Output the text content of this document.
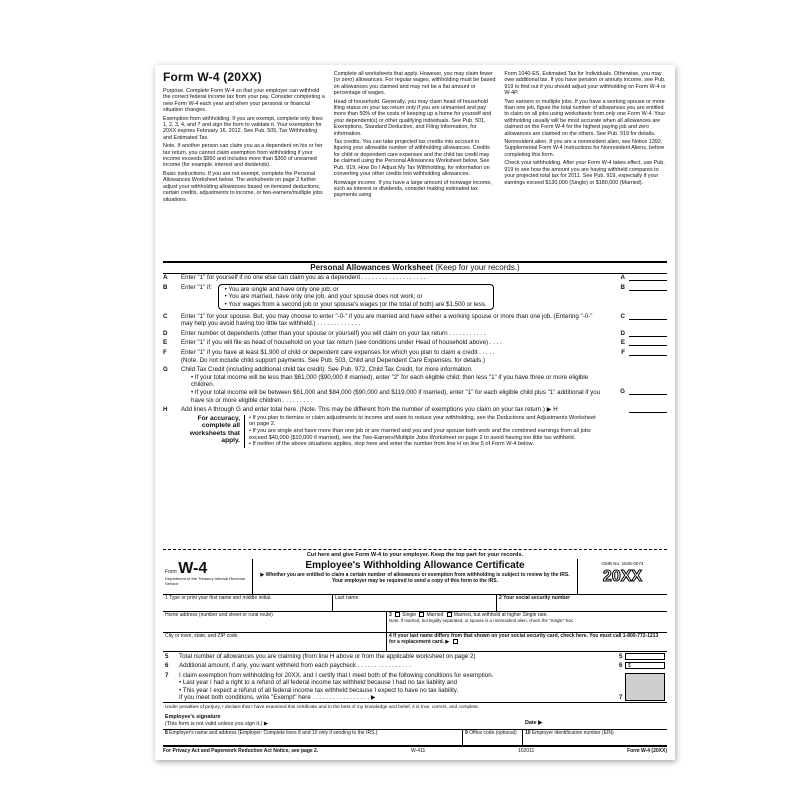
Form W-4 (20XX)

Purpose. Complete Form W-4 so that your employer can withhold the correct federal income tax from your pay. Consider completing a new Form W-4 each year and when your personal or financial situation changes.

Exemption from withholding. If you are exempt, complete only lines 1, 2, 3, 4, and 7 and sign the form to validate it. Your exemption for 20XX expires February 16, 2012. See Pub. 505, Tax Withholding and Estimated Tax.

Note. If another person can claim you as a dependent on his or her tax return, you cannot claim exemption from withholding if your income exceeds $950 and includes more than $300 of unearned income (for example, interest and dividends).

Basic instructions. If you are not exempt, complete the Personal Allowances Worksheet below. The worksheets on page 2 further adjust your withholding allowances based on itemized deductions, certain credits, adjustments to income, or two-earners/multiple jobs situations.

Complete all worksheets that apply. However, you may claim fewer (or zero) allowances. For regular wages, withholding must be based on allowances you claimed and may not be a flat amount or percentage of wages.

Head of household. Generally, you may claim head of household filing status on your tax return only if you are unmarried and pay more than 50% of the costs of keeping up a home for yourself and your dependent(s) or other qualifying individuals. See Pub. 501, Exemptions, Standard Deduction, and Filing Information, for information.

Tax credits. You can take projected tax credits into account in figuring your allowable number of withholding allowances. Credits for child or dependent care expenses and the child tax credit may be claimed using the Personal Allowances Worksheet below. See Pub. 919, How Do I Adjust My Tax Withholding, for information on converting your other credits into withholding allowances.

Nonwage income. If you have a large amount of nonwage income, such as interest or dividends, consider making estimated tax payments using

Form 1040-ES, Estimated Tax for Individuals. Otherwise, you may owe additional tax. If you have pension or annuity income, see Pub. 919 to find out if you should adjust your withholding on Form W-4 or W-4P.

Two earners or multiple jobs. If you have a working spouse or more than one job, figure the total number of allowances you are entitled to claim on all jobs using worksheets from only one Form W-4. Your withholding usually will be most accurate when all allowances are claimed on the Form W-4 for the highest paying job and zero allowances are claimed on the others. See Pub. 919 for details.

Nonresident alien. If you are a nonresident alien, see Notice 1392, Supplemental Form W-4 Instructions for Nonresident Aliens, before completing this form.

Check your withholding. After your Form W-4 takes effect, use Pub. 919 to see how the amount you are having withheld compares to your projected total tax for 2011. See Pub. 919, especially if your earnings exceed $130,000 (Single) or $180,000 (Married).

Personal Allowances Worksheet (Keep for your records.)
A Enter "1" for yourself if no one else can claim you as a dependent . . . . . . . . . . . . . . . . . . .	A
B Enter "1" if: • You are single and have only one job; or
• You are married, have only one job, and your spouse does not work; or
• Your wages from a second job or your spouse's wages (or the total of both) are $1,500 or less.
B
C Enter "1" for your spouse. But, you may choose to enter "-0-" if you are married and have either a working spouse or more than one job. (Entering "-0-" may help you avoid having too little tax withheld.) . . . . . . . . . . . . .
C
D Enter number of dependents (other than your spouse or yourself) you will claim on your tax return . . . . . . . . . . .	D
E Enter "1" if you will file as head of household on your tax return (see conditions under Head of household above) . . . .	E
F Enter "1" if you have at least $1,900 of child or dependent care expenses for which you plan to claim a credit . . . . .
(Note. Do not include child support payments. See Pub. 503, Child and Dependent Care Expenses, for details.)
F
G Child Tax Credit (including additional child tax credit). See Pub. 972, Child Tax Credit, for more information.
• If your total income will be less than $61,000 ($90,000 if married), enter "2" for each eligible child; then less "1" if you have three or more eligible children.
• If your total income will be between $61,000 and $84,000 ($90,000 and $119,000 if married), enter "1" for each eligible child plus "1" additional if you have six or more eligible children . . . . . . . . .
G
H Add lines A through G and enter total here. (Note. This may be different from the number of exemptions you claim on your tax return.) ▶ H
For accuracy, complete all worksheets that apply.
• If you plan to itemize or claim adjustments to income and want to reduce your withholding, see the Deductions and Adjustments Worksheet on page 2.
• If you are single and have more than one job or are married and you and your spouse both work and the combined earnings from all jobs exceed $40,000 ($10,000 if married), see the Two-Earners/Multiple Jobs Worksheet on page 2 to avoid having too little tax withheld.
• If neither of the above situations applies, stop here and enter the number from line H on line 5 of Form W-4 below.
Cut here and give Form W-4 to your employer. Keep the top part for your records.
Form W-4
Department of the Treasury Internal Revenue Service
Employee's Withholding Allowance Certificate
▶ Whether you are entitled to claim a certain number of allowances or exemption from withholding is subject to review by the IRS. Your employer may be required to send a copy of this form to the IRS.
OMB No. 1545-0074
20XX
1 Type or print your first name and middle initial.	Last name	2 Your social security number
Home address (number and street or rural route)	3 Single Married Married, but withhold at higher Single rate.
Note. If married, but legally separated, or spouse is a nonresident alien, check the "Single" box.
City or town, state, and ZIP code	4 If your last name differs from that shown on your social security card, check here. You must call 1-800-772-1213 for a replacement card. ▶
5	Total number of allowances you are claiming (from line H above or from the applicable worksheet on page 2)	5
6	Additional amount, if any, you want withheld from each paycheck . . . . . . . . . . . . . . . .	6	$
7	I claim exemption from withholding for 20XX, and I certify that I meet both of the following conditions for exemption.
• Last year I had a right to a refund of all federal income tax withheld because I had no tax liability and
• This year I expect a refund of all federal income tax withheld because I expect to have no tax liability.
If you meet both conditions, write "Exempt" here . . . . . . . . . . . . . . . . . ▶	7
Under penalties of perjury, I declare that I have examined this certificate and to the best of my knowledge and belief, it is true, correct, and complete.
Employee's signature
(This form is not valid unless you sign it.) ▶	Date ▶
8 Employer's name and address (Employer: Complete lines 8 and 10 only if sending to the IRS.)	9 Office code (optional)	10 Employer identification number (EIN)
For Privacy Act and Paperwork Reduction Act Notice, see page 2.	W-411	102011	Form W-4 (20XX)
